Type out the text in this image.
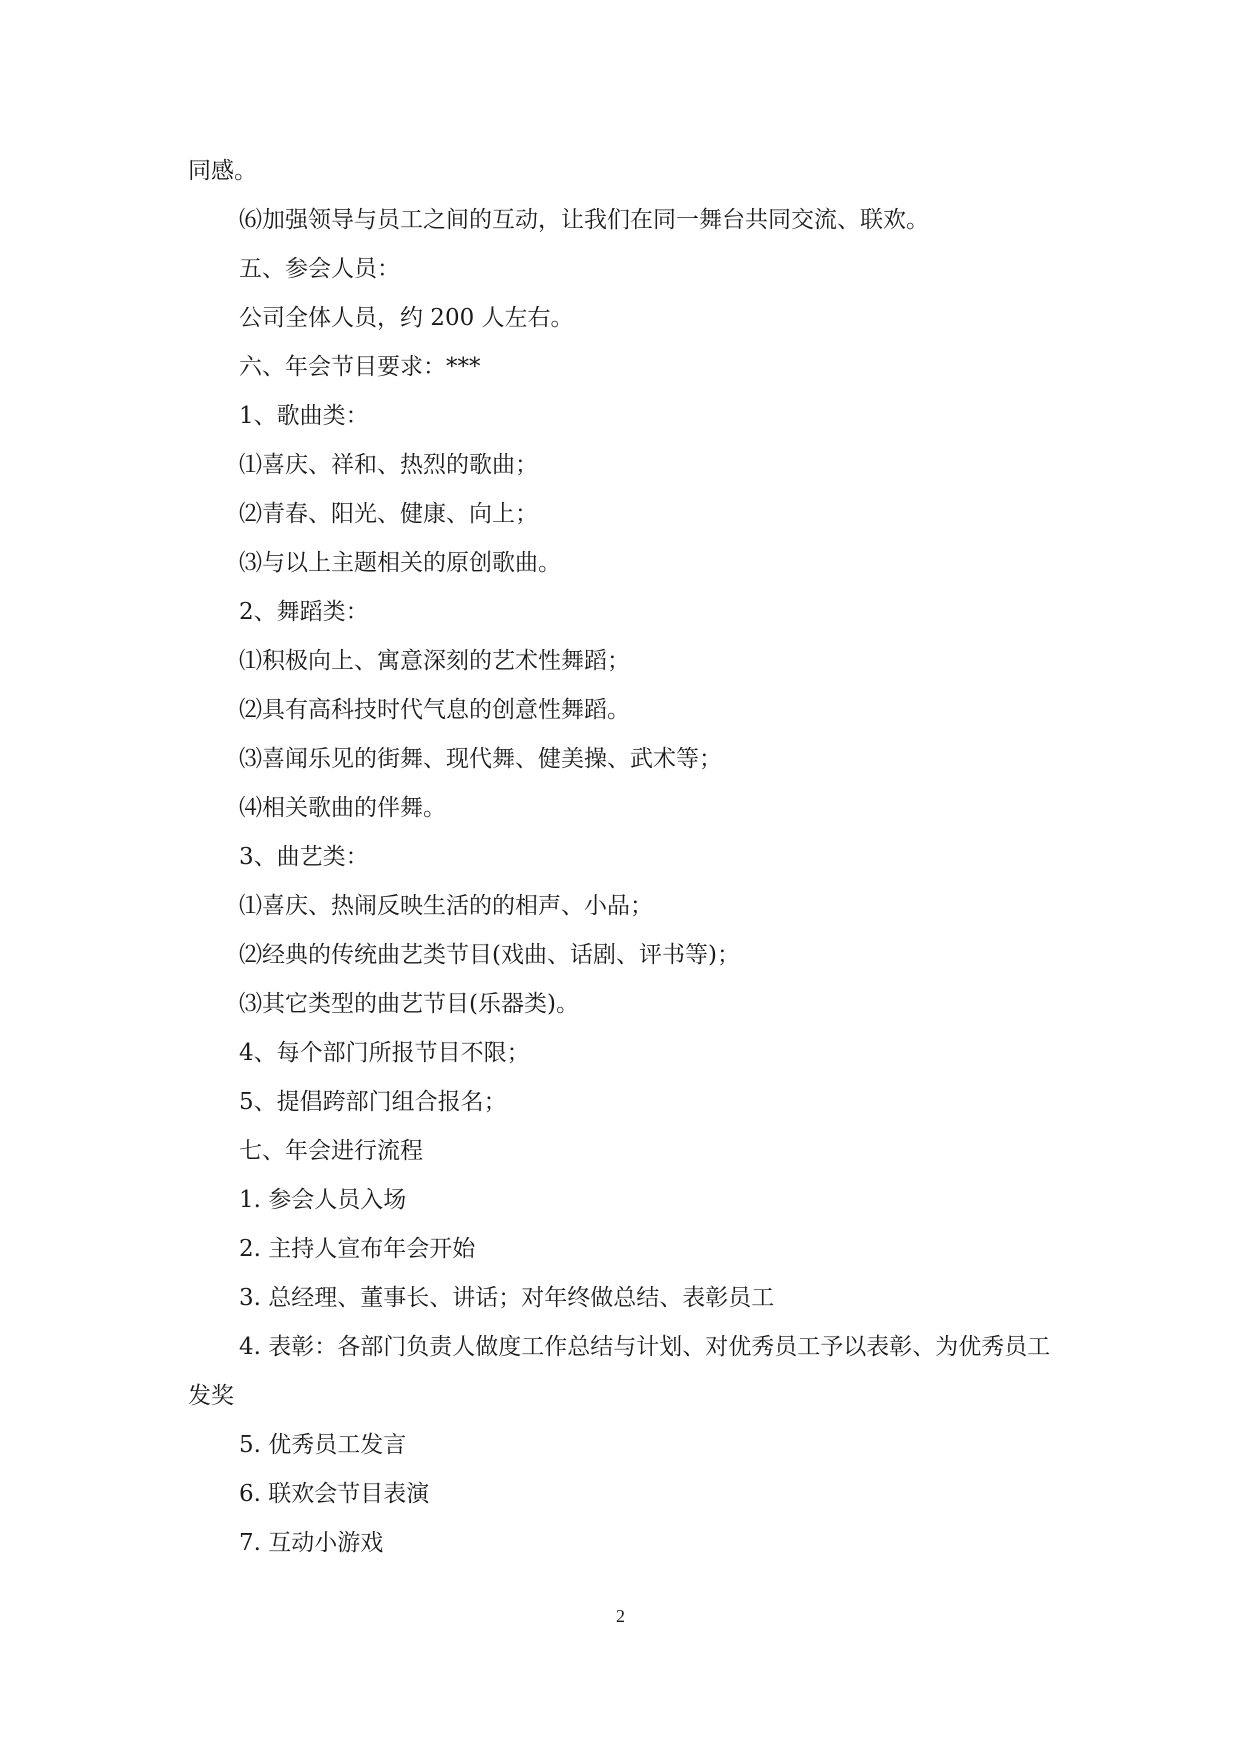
同感。
⑹加强领导与员工之间的互动，让我们在同一舞台共同交流、联欢。
五、参会人员：
公司全体人员，约 200 人左右。
六、年会节目要求：***
1、歌曲类：
⑴喜庆、祥和、热烈的歌曲；
⑵青春、阳光、健康、向上；
⑶与以上主题相关的原创歌曲。
2、舞蹈类：
⑴积极向上、寓意深刻的艺术性舞蹈；
⑵具有高科技时代气息的创意性舞蹈。
⑶喜闻乐见的街舞、现代舞、健美操、武术等；
⑷相关歌曲的伴舞。
3、曲艺类：
⑴喜庆、热闹反映生活的的相声、小品；
⑵经典的传统曲艺类节目(戏曲、话剧、评书等)；
⑶其它类型的曲艺节目(乐器类)。
4、每个部门所报节目不限；
5、提倡跨部门组合报名；
七、年会进行流程
1. 参会人员入场
2. 主持人宣布年会开始
3. 总经理、董事长、讲话；对年终做总结、表彰员工
4. 表彰：各部门负责人做度工作总结与计划、对优秀员工予以表彰、为优秀员工发奖
5. 优秀员工发言
6. 联欢会节目表演
7. 互动小游戏
2
